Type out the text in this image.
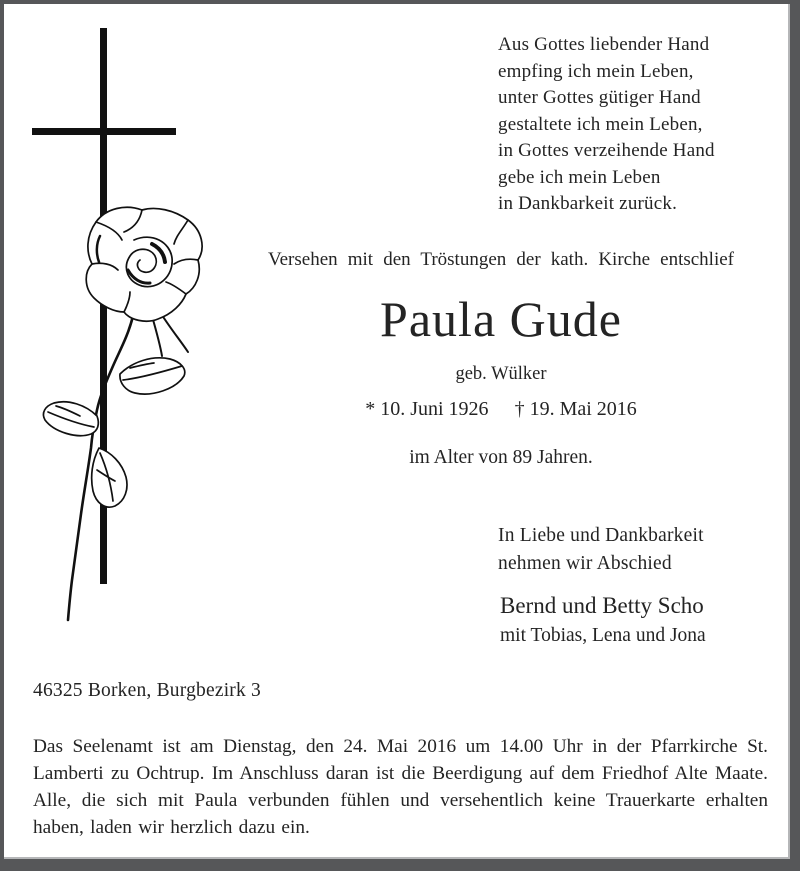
Aus Gottes liebender Hand
empfing ich mein Leben,
unter Gottes gütiger Hand
gestaltete ich mein Leben,
in Gottes verzeihende Hand
gebe ich mein Leben
in Dankbarkeit zurück.
Versehen mit den Tröstungen der kath. Kirche entschlief
Paula Gude
geb. Wülker
* 10. Juni 1926 † 19. Mai 2016
im Alter von 89 Jahren.
In Liebe und Dankbarkeit
nehmen wir Abschied
Bernd und Betty Scho
mit Tobias, Lena und Jona
46325 Borken, Burgbezirk 3
Das Seelenamt ist am Dienstag, den 24. Mai 2016 um 14.00 Uhr in der Pfarrkirche St. Lamberti zu Ochtrup. Im Anschluss daran ist die Beerdigung auf dem Friedhof Alte Maate. Alle, die sich mit Paula verbunden fühlen und versehentlich keine Trauerkarte erhalten haben, laden wir herzlich dazu ein.
